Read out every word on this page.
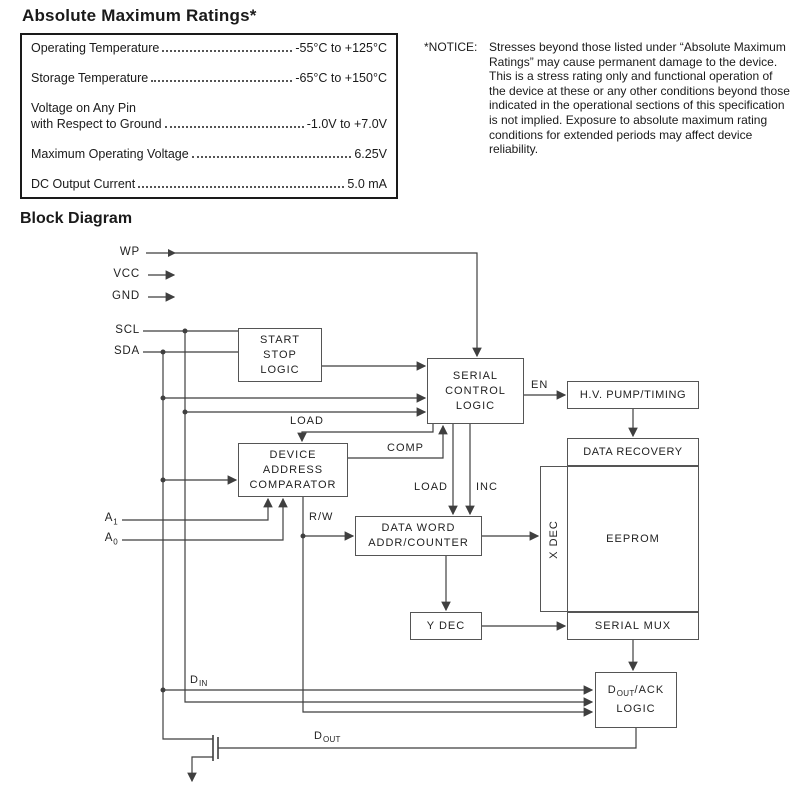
Absolute Maximum Ratings*
Operating Temperature	-55°C to +125°C
Storage Temperature	-65°C to +150°C
Voltage on Any Pin
with Respect to Ground	-1.0V to +7.0V
Maximum Operating Voltage	6.25V
DC Output Current	5.0 mA
*NOTICE: Stresses beyond those listed under “Absolute Maximum Ratings” may cause permanent damage to the device. This is a stress rating only and functional operation of the device at these or any other conditions beyond those indicated in the operational sections of this specification is not implied. Exposure to absolute maximum rating conditions for extended periods may affect device reliability.
Block Diagram
START
STOP
LOGIC	SERIAL
CONTROL
LOGIC
H.V. PUMP/TIMING
DATA RECOVERY
DEVICE
ADDRESS
COMPARATOR
DATA WORD
ADDR/COUNTER	X DEC	EEPROM
Y DEC	SERIAL MUX
$D_{OUT}$/ACK
LOGIC
WP
VCC
GND
SCL
SDA
$A_1$
$A_0$
$D_{IN}$
$D_{OUT}$
EN
LOAD
COMP
LOAD	INC
R/W
